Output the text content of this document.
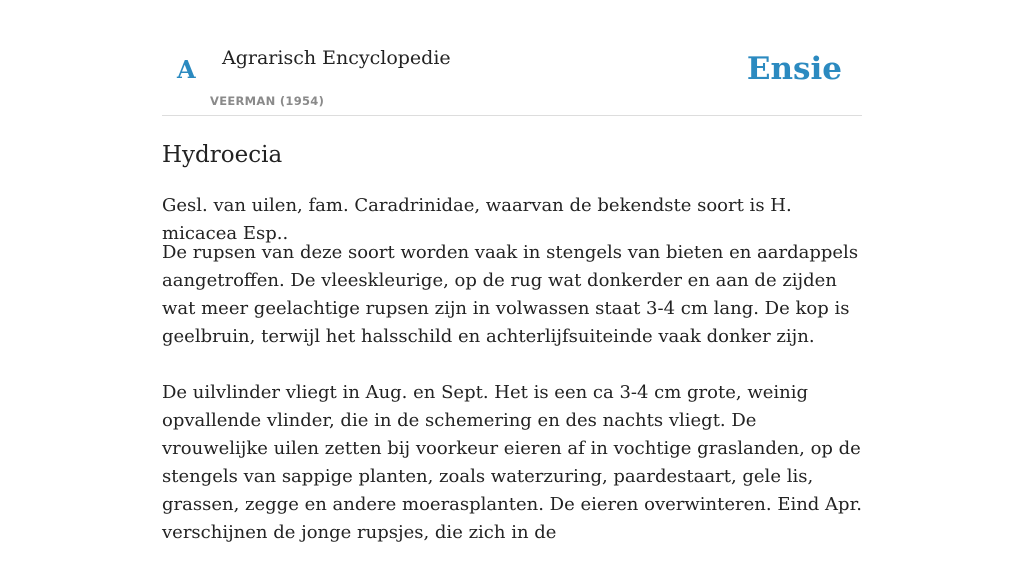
A Agrarisch Encyclopedie
VEERMAN (1954)
Ensie
Hydroecia

Gesl. van uilen, fam. Caradrinidae, waarvan de bekendste soort is H. micacea Esp..

De rupsen van deze soort worden vaak in stengels van bieten en aardappels aangetroffen. De vleeskleurige, op de rug wat donkerder en aan de zijden wat meer geelachtige rupsen zijn in volwassen staat 3-4 cm lang. De kop is geelbruin, terwijl het halsschild en achterlijfsuiteinde vaak donker zijn.

De uilvlinder vliegt in Aug. en Sept. Het is een ca 3-4 cm grote, weinig opvallende vlinder, die in de schemering en des nachts vliegt. De vrouwelijke uilen zetten bij voorkeur eieren af in vochtige graslanden, op de stengels van sappige planten, zoals waterzuring, paardestaart, gele lis, grassen, zegge en andere moerasplanten. De eieren overwinteren. Eind Apr. verschijnen de jonge rupsjes, die zich in de
